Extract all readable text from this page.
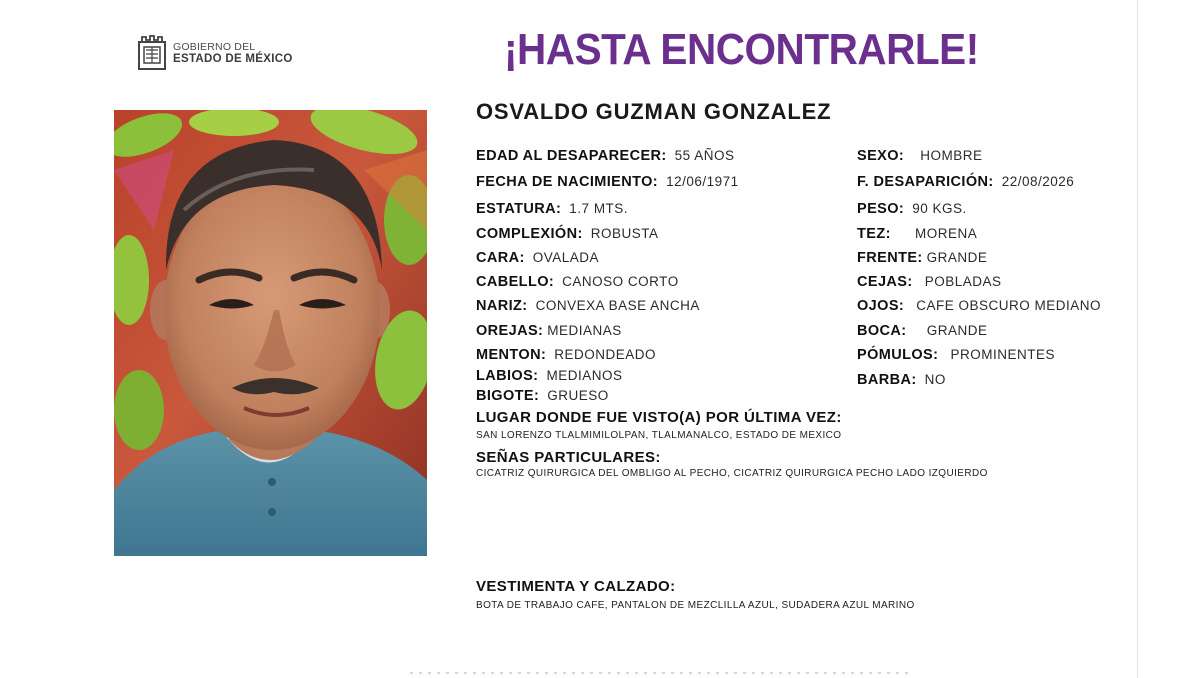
GOBIERNO DEL
ESTADO DE MÉXICO	¡HASTA ENCONTRARLE!
OSVALDO GUZMAN GONZALEZ
EDAD AL DESAPARECER: 55 AÑOS
FECHA DE NACIMIENTO: 12/06/1971
ESTATURA: 1.7 MTS.
COMPLEXIÓN: ROBUSTA
CARA: OVALADA
CABELLO: CANOSO CORTO
NARIZ: CONVEXA BASE ANCHA
OREJAS: MEDIANAS
MENTON: REDONDEADO
LABIOS: MEDIANOS
BIGOTE: GRUESO
SEXO: HOMBRE
F. DESAPARICIÓN: 22/08/2026
PESO: 90 KGS.
TEZ: MORENA
FRENTE: GRANDE
CEJAS: POBLADAS
OJOS: CAFE OBSCURO MEDIANO
BOCA: GRANDE
PÓMULOS: PROMINENTES
BARBA: NO
LUGAR DONDE FUE VISTO(A) POR ÚLTIMA VEZ:
SAN LORENZO TLALMIMILOLPAN, TLALMANALCO, ESTADO DE MEXICO
SEÑAS PARTICULARES:
CICATRIZ QUIRURGICA DEL OMBLIGO AL PECHO, CICATRIZ QUIRURGICA PECHO LADO IZQUIERDO
VESTIMENTA Y CALZADO:
BOTA DE TRABAJO CAFE, PANTALON DE MEZCLILLA AZUL, SUDADERA AZUL MARINO
